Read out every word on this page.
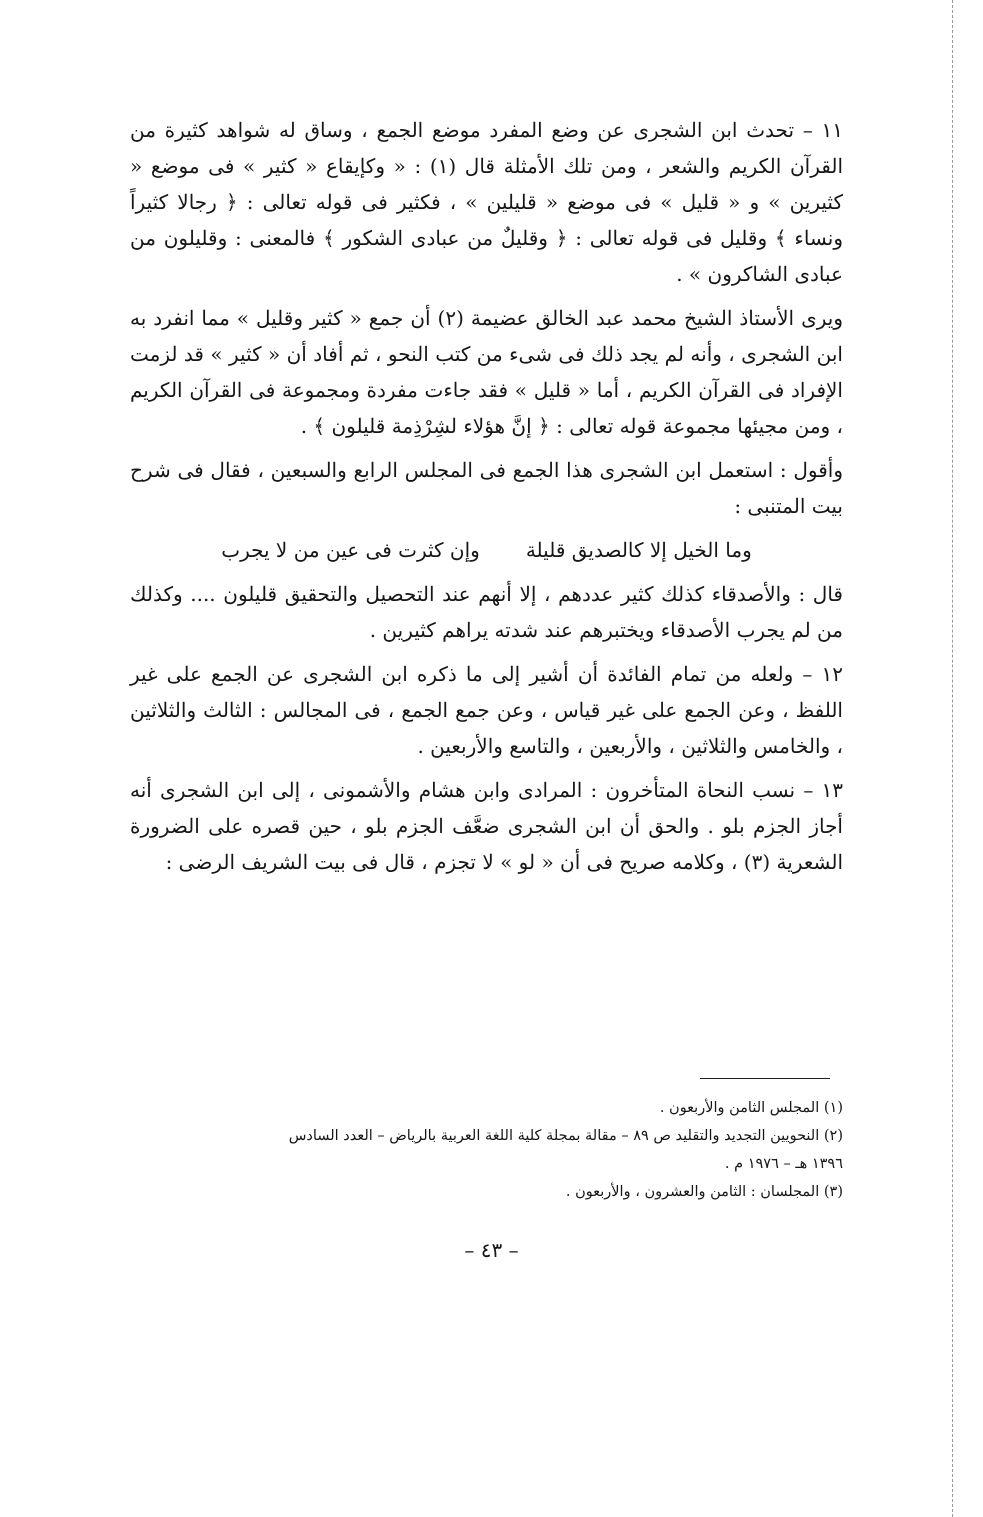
١١ – تحدث ابن الشجرى عن وضع المفرد موضع الجمع ، وساق له شواهد كثيرة من القرآن الكريم والشعر ، ومن تلك الأمثلة قال (١) : « وكإيقاع « كثير » فى موضع « كثيرين » و « قليل » فى موضع « قليلين » ، فكثير فى قوله تعالى : ﴿ رجالا كثيراً ونساء ﴾ وقليل فى قوله تعالى : ﴿ وقليلٌ من عبادى الشكور ﴾ فالمعنى : وقليلون من عبادى الشاكرون » .

ويرى الأستاذ الشيخ محمد عبد الخالق عضيمة (٢) أن جمع « كثير وقليل » مما انفرد به ابن الشجرى ، وأنه لم يجد ذلك فى شىء من كتب النحو ، ثم أفاد أن « كثير » قد لزمت الإفراد فى القرآن الكريم ، أما « قليل » فقد جاءت مفردة ومجموعة فى القرآن الكريم ، ومن مجيئها مجموعة قوله تعالى : ﴿ إنَّ هؤلاء لشِرْذِمة قليلون ﴾ .

وأقول : استعمل ابن الشجرى هذا الجمع فى المجلس الرابع والسبعين ، فقال فى شرح بيت المتنبى :

وما الخيل إلا كالصديق قليلة
وإن كثرت فى عين من لا يجرب

قال : والأصدقاء كذلك كثير عددهم ، إلا أنهم عند التحصيل والتحقيق قليلون .... وكذلك من لم يجرب الأصدقاء ويختبرهم عند شدته يراهم كثيرين .

١٢ – ولعله من تمام الفائدة أن أشير إلى ما ذكره ابن الشجرى عن الجمع على غير اللفظ ، وعن الجمع على غير قياس ، وعن جمع الجمع ، فى المجالس : الثالث والثلاثين ، والخامس والثلاثين ، والأربعين ، والتاسع والأربعين .

١٣ – نسب النحاة المتأخرون : المرادى وابن هشام والأشمونى ، إلى ابن الشجرى أنه أجاز الجزم بلو . والحق أن ابن الشجرى ضعَّف الجزم بلو ، حين قصره على الضرورة الشعرية (٣) ، وكلامه صريح فى أن « لو » لا تجزم ، قال فى بيت الشريف الرضى :

(١) المجلس الثامن والأربعون .
(٢) النحويين التجديد والتقليد ص ٨٩ – مقالة بمجلة كلية اللغة العربية بالرياض – العدد السادس
١٣٩٦ هـ – ١٩٧٦ م .
(٣) المجلسان : الثامن والعشرون ، والأربعون .
– ٤٣ –
